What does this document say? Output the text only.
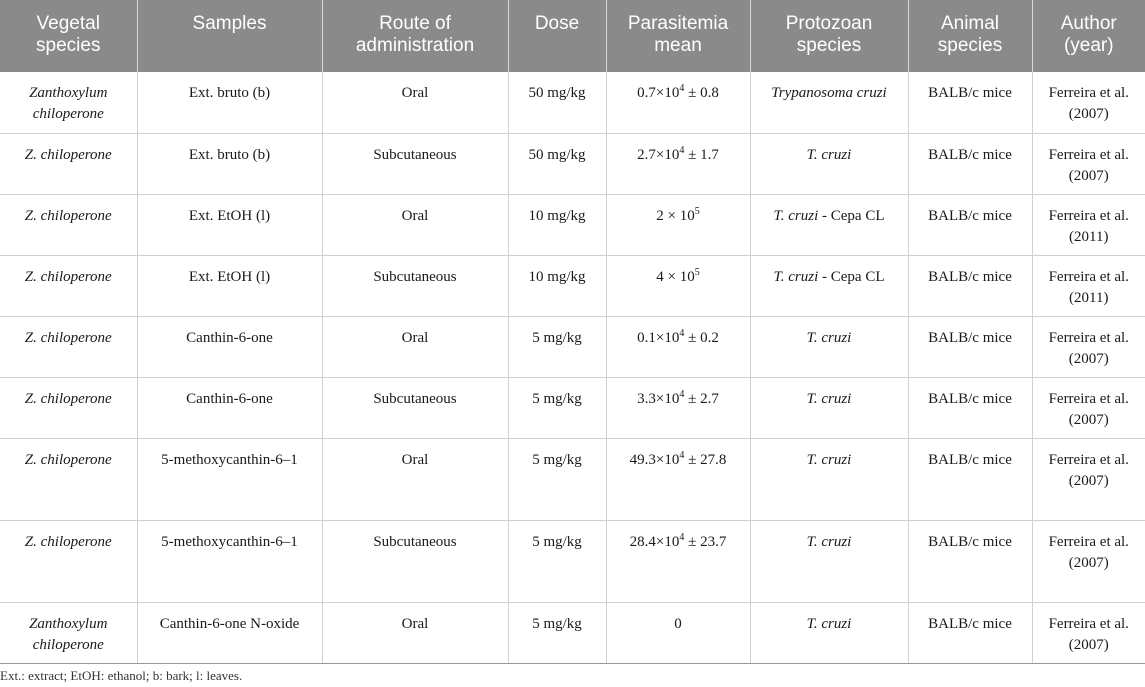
Vegetal species	Samples	Route of administration	Dose	Parasitemia mean	Protozoan species	Animal species	Author (year)
Zanthoxylum chiloperone	Ext. bruto (b)	Oral	50 mg/kg	$0.7\times 10^4 \pm 0.8$	Trypanosoma cruzi	BALB/c mice	Ferreira et al. (2007)
Z. chiloperone	Ext. bruto (b)	Subcutaneous	50 mg/kg	$2.7\times 10^4 \pm 1.7$	T. cruzi	BALB/c mice	Ferreira et al. (2007)
Z. chiloperone	Ext. EtOH (l)	Oral	10 mg/kg	$2 \times 10^5$	T. cruzi - Cepa CL	BALB/c mice	Ferreira et al. (2011)
Z. chiloperone	Ext. EtOH (l)	Subcutaneous	10 mg/kg	$4 \times 10^5$	T. cruzi - Cepa CL	BALB/c mice	Ferreira et al. (2011)
Z. chiloperone	Canthin-6-one	Oral	5 mg/kg	$0.1\times 10^4 \pm 0.2$	T. cruzi	BALB/c mice	Ferreira et al. (2007)
Z. chiloperone	Canthin-6-one	Subcutaneous	5 mg/kg	$3.3\times 10^4 \pm 2.7$	T. cruzi	BALB/c mice	Ferreira et al. (2007)
Z. chiloperone	5-methoxycanthin-6–1	Oral	5 mg/kg	$49.3\times 10^4 \pm 27.8$	T. cruzi	BALB/c mice	Ferreira et al. (2007)
Z. chiloperone	5-methoxycanthin-6–1	Subcutaneous	5 mg/kg	$28.4\times 10^4 \pm 23.7$	T. cruzi	BALB/c mice	Ferreira et al. (2007)
Zanthoxylum chiloperone	Canthin-6-one N-oxide	Oral	5 mg/kg	0	T. cruzi	BALB/c mice	Ferreira et al. (2007)
Ext.: extract; EtOH: ethanol; b: bark; l: leaves.
